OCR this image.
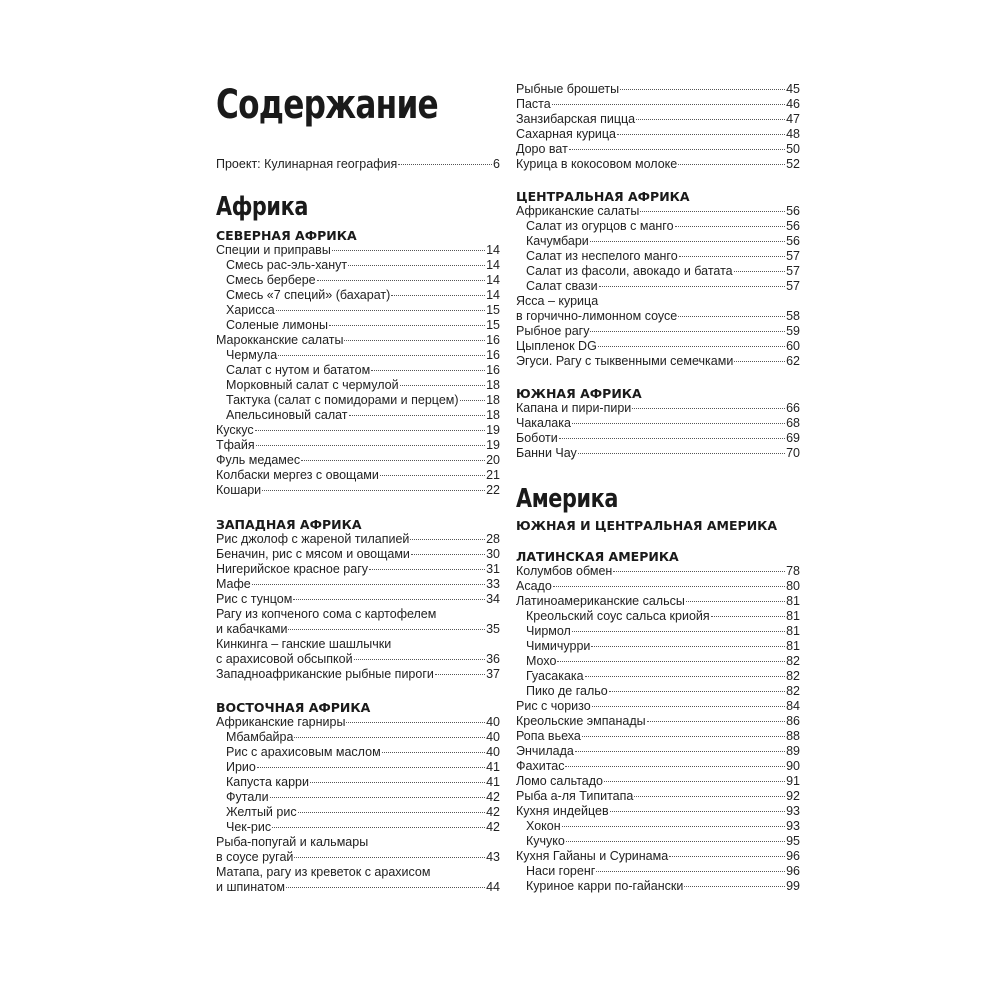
Содержание
Проект: Кулинарная география	6
Африка
СЕВЕРНАЯ АФРИКА
Специи и приправы	14
Смесь рас-эль-ханут	14
Смесь бербере	14
Смесь «7 специй» (бахарат)	14
Харисса	15
Соленые лимоны	15
Марокканские салаты	16
Чермула	16
Салат с нутом и бататом	16
Морковный салат с чермулой	18
Тактука (салат с помидорами и перцем) 18
Апельсиновый салат	18
Кускус	19
Тфайя	19
Фуль медамес	20
Колбаски мергез с овощами	21
Кошари	22
ЗАПАДНАЯ АФРИКА
Рис джолоф с жареной тилапией	28
Беначин, рис с мясом и овощами	30
Нигерийское красное рагу	31
Мафе	33
Рис с тунцом	34
Рагу из копченого сома с картофелем
и кабачками	35
Кинкинга – ганские шашлычки
с арахисовой обсыпкой	36
Западноафриканские рыбные пироги	37
ВОСТОЧНАЯ АФРИКА
Африканские гарниры	40
Мбамбайра	40
Рис с арахисовым маслом	40
Ирио	41
Капуста карри	41
Футали	42
Желтый рис	42
Чек-рис	42
Рыба-попугай и кальмары
в соусе ругай	43
Матапа, рагу из креветок с арахисом
и шпинатом	44
Рыбные брошеты	45
Паста	46
Занзибарская пицца	47
Сахарная курица	48
Доро ват	50
Курица в кокосовом молоке	52
ЦЕНТРАЛЬНАЯ АФРИКА
Африканские салаты	56
Салат из огурцов с манго	56
Качумбари	56
Салат из неспелого манго	57
Салат из фасоли, авокадо и батата	57
Салат свази	57
Ясса – курица
в горчично-лимонном соусе	58
Рыбное рагу	59
Цыпленок DG	60
Эгуси. Рагу с тыквенными семечками	62
ЮЖНАЯ АФРИКА
Капана и пири-пири	66
Чакалака	68
Боботи	69
Банни Чау	70
Америка
ЮЖНАЯ И ЦЕНТРАЛЬНАЯ АМЕРИКА
ЛАТИНСКАЯ АМЕРИКА
Колумбов обмен	78
Асадо	80
Латиноамериканские сальсы	81
Креольский соус сальса криойя	81
Чирмол	81
Чимичурри	81
Мохо	82
Гуасакака	82
Пико де гальо	82
Рис с чоризо	84
Креольские эмпанады	86
Ропа вьеха	88
Энчилада	89
Фахитас	90
Ломо сальтадо	91
Рыба а-ля Типитапа	92
Кухня индейцев	93
Хокон	93
Кучуко	95
Кухня Гайаны и Суринама	96
Наси горенг	96
Куриное карри по-гайански	99
